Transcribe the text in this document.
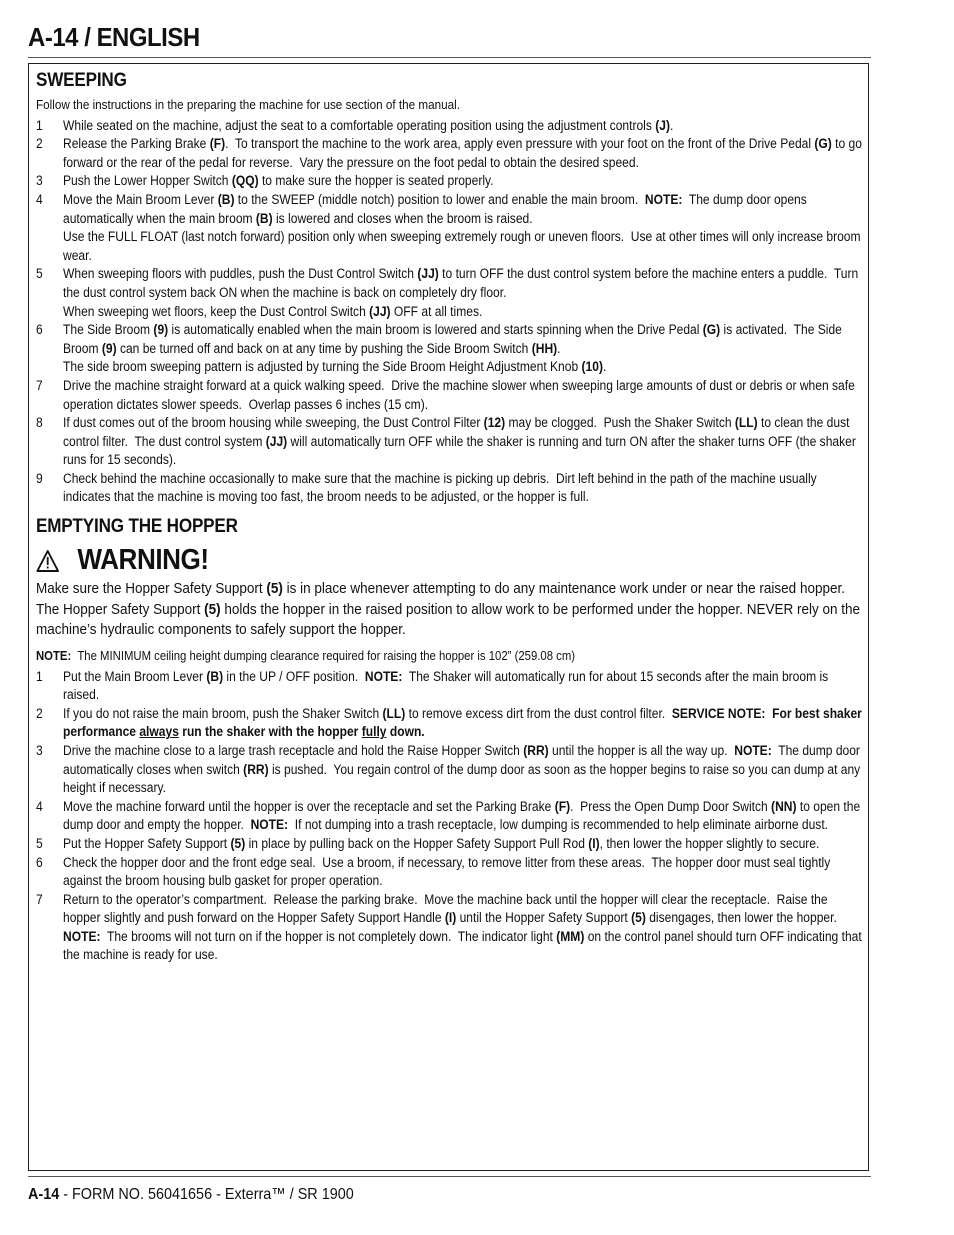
A-14 / ENGLISH
SWEEPING
Follow the instructions in the preparing the machine for use section of the manual.
1 While seated on the machine, adjust the seat to a comfortable operating position using the adjustment controls (J).
2 Release the Parking Brake (F).  To transport the machine to the work area, apply even pressure with your foot on the front of the Drive Pedal (G) to go forward or the rear of the pedal for reverse.  Vary the pressure on the foot pedal to obtain the desired speed.
3 Push the Lower Hopper Switch (QQ) to make sure the hopper is seated properly.
4 Move the Main Broom Lever (B) to the SWEEP (middle notch) position to lower and enable the main broom.  NOTE:  The dump door opens automatically when the main broom (B) is lowered and closes when the broom is raised.
Use the FULL FLOAT (last notch forward) position only when sweeping extremely rough or uneven floors.  Use at other times will only increase broom wear.
5 When sweeping floors with puddles, push the Dust Control Switch (JJ) to turn OFF the dust control system before the machine enters a puddle.  Turn the dust control system back ON when the machine is back on completely dry floor.
When sweeping wet floors, keep the Dust Control Switch (JJ) OFF at all times.
6 The Side Broom (9) is automatically enabled when the main broom is lowered and starts spinning when the Drive Pedal (G) is activated.  The Side Broom (9) can be turned off and back on at any time by pushing the Side Broom Switch (HH).
The side broom sweeping pattern is adjusted by turning the Side Broom Height Adjustment Knob (10).
7 Drive the machine straight forward at a quick walking speed.  Drive the machine slower when sweeping large amounts of dust or debris or when safe operation dictates slower speeds.  Overlap passes 6 inches (15 cm).
8 If dust comes out of the broom housing while sweeping, the Dust Control Filter (12) may be clogged.  Push the Shaker Switch (LL) to clean the dust control filter.  The dust control system (JJ) will automatically turn OFF while the shaker is running and turn ON after the shaker turns OFF (the shaker runs for 15 seconds).
9 Check behind the machine occasionally to make sure that the machine is picking up debris.  Dirt left behind in the path of the machine usually indicates that the machine is moving too fast, the broom needs to be adjusted, or the hopper is full.
EMPTYING THE HOPPER
WARNING!
Make sure the Hopper Safety Support (5) is in place whenever attempting to do any maintenance work under or near the raised hopper. The Hopper Safety Support (5) holds the hopper in the raised position to allow work to be performed under the hopper. NEVER rely on the machine’s hydraulic components to safely support the hopper.
NOTE:  The MINIMUM ceiling height dumping clearance required for raising the hopper is 102” (259.08 cm)
1 Put the Main Broom Lever (B) in the UP / OFF position.  NOTE:  The Shaker will automatically run for about 15 seconds after the main broom is raised.
2 If you do not raise the main broom, push the Shaker Switch (LL) to remove excess dirt from the dust control filter.  SERVICE NOTE:  For best shaker performance always run the shaker with the hopper fully down.
3 Drive the machine close to a large trash receptacle and hold the Raise Hopper Switch (RR) until the hopper is all the way up.  NOTE:  The dump door automatically closes when switch (RR) is pushed.  You regain control of the dump door as soon as the hopper begins to raise so you can dump at any height if necessary.
4 Move the machine forward until the hopper is over the receptacle and set the Parking Brake (F).  Press the Open Dump Door Switch (NN) to open the dump door and empty the hopper.  NOTE:  If not dumping into a trash receptacle, low dumping is recommended to help eliminate airborne dust.
5 Put the Hopper Safety Support (5) in place by pulling back on the Hopper Safety Support Pull Rod (I), then lower the hopper slightly to secure.
6 Check the hopper door and the front edge seal.  Use a broom, if necessary, to remove litter from these areas.  The hopper door must seal tightly against the broom housing bulb gasket for proper operation.
7 Return to the operator’s compartment.  Release the parking brake.  Move the machine back until the hopper will clear the receptacle.  Raise the hopper slightly and push forward on the Hopper Safety Support Handle (I) until the Hopper Safety Support (5) disengages, then lower the hopper.  NOTE:  The brooms will not turn on if the hopper is not completely down.  The indicator light (MM) on the control panel should turn OFF indicating that the machine is ready for use.
A-14 - FORM NO. 56041656 - Exterra™ / SR 1900
